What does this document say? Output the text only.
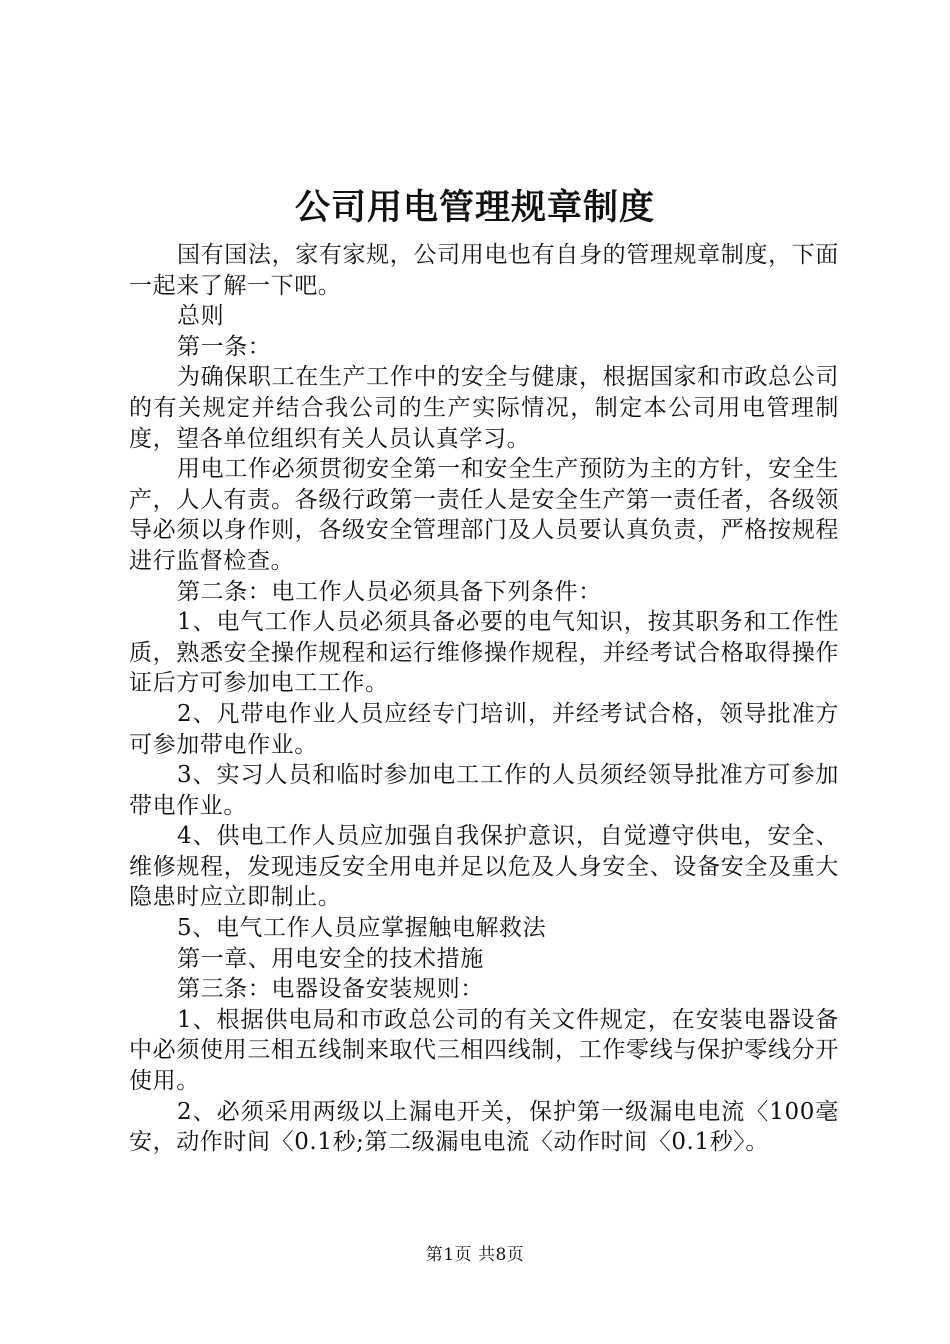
公司用电管理规章制度

国有国法，家有家规，公司用电也有自身的管理规章制度，下面一起来了解一下吧。

总则

第一条：

为确保职工在生产工作中的安全与健康，根据国家和市政总公司的有关规定并结合我公司的生产实际情况，制定本公司用电管理制度，望各单位组织有关人员认真学习。

用电工作必须贯彻安全第一和安全生产预防为主的方针，安全生产，人人有责。各级行政第一责任人是安全生产第一责任者，各级领导必须以身作则，各级安全管理部门及人员要认真负责，严格按规程进行监督检查。

第二条：电工作人员必须具备下列条件：

1、电气工作人员必须具备必要的电气知识，按其职务和工作性质，熟悉安全操作规程和运行维修操作规程，并经考试合格取得操作证后方可参加电工工作。

2、凡带电作业人员应经专门培训，并经考试合格，领导批准方可参加带电作业。

3、实习人员和临时参加电工工作的人员须经领导批准方可参加带电作业。

4、供电工作人员应加强自我保护意识，自觉遵守供电，安全、维修规程，发现违反安全用电并足以危及人身安全、设备安全及重大隐患时应立即制止。

5、电气工作人员应掌握触电解救法

第一章、用电安全的技术措施

第三条：电器设备安装规则：

1、根据供电局和市政总公司的有关文件规定，在安装电器设备中必须使用三相五线制来取代三相四线制，工作零线与保护零线分开使用。

2、必须采用两级以上漏电开关，保护第一级漏电电流〈100毫安，动作时间〈0.1秒;第二级漏电电流〈动作时间〈0.1秒〉。

第1页 共8页
